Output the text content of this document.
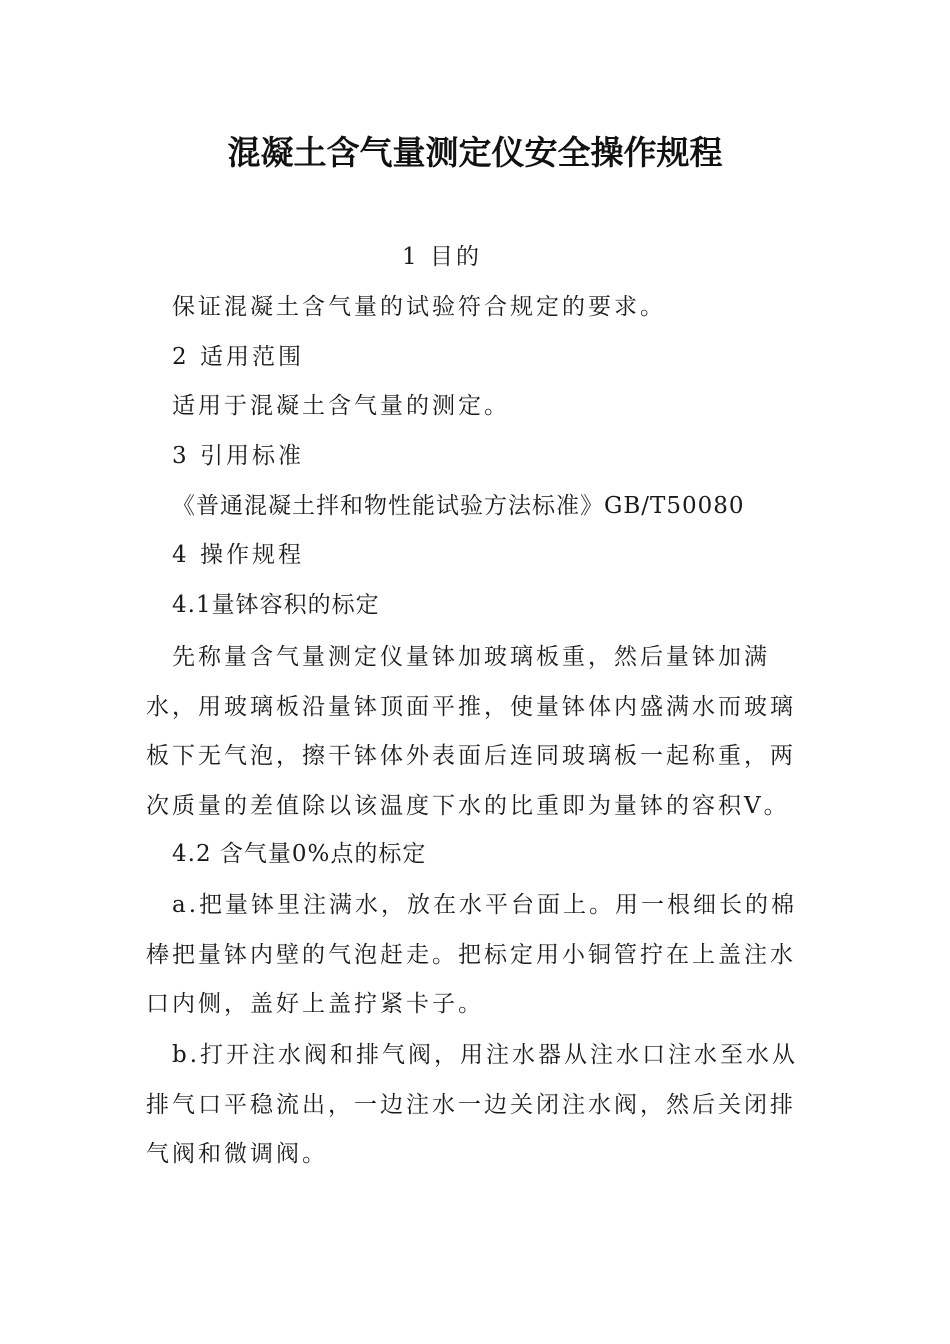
混凝土含气量测定仪安全操作规程

1 目的

保证混凝土含气量的试验符合规定的要求。

2 适用范围

适用于混凝土含气量的测定。

3 引用标准

《普通混凝土拌和物性能试验方法标准》GB/T50080

4 操作规程

4.1量钵容积的标定

先称量含气量测定仪量钵加玻璃板重，然后量钵加满水，用玻璃板沿量钵顶面平推，使量钵体内盛满水而玻璃板下无气泡，擦干钵体外表面后连同玻璃板一起称重，两次质量的差值除以该温度下水的比重即为量钵的容积V。

4.2 含气量0%点的标定

a.把量钵里注满水，放在水平台面上。用一根细长的棉棒把量钵内壁的气泡赶走。把标定用小铜管拧在上盖注水口内侧，盖好上盖拧紧卡子。

b.打开注水阀和排气阀，用注水器从注水口注水至水从排气口平稳流出，一边注水一边关闭注水阀，然后关闭排气阀和微调阀。
